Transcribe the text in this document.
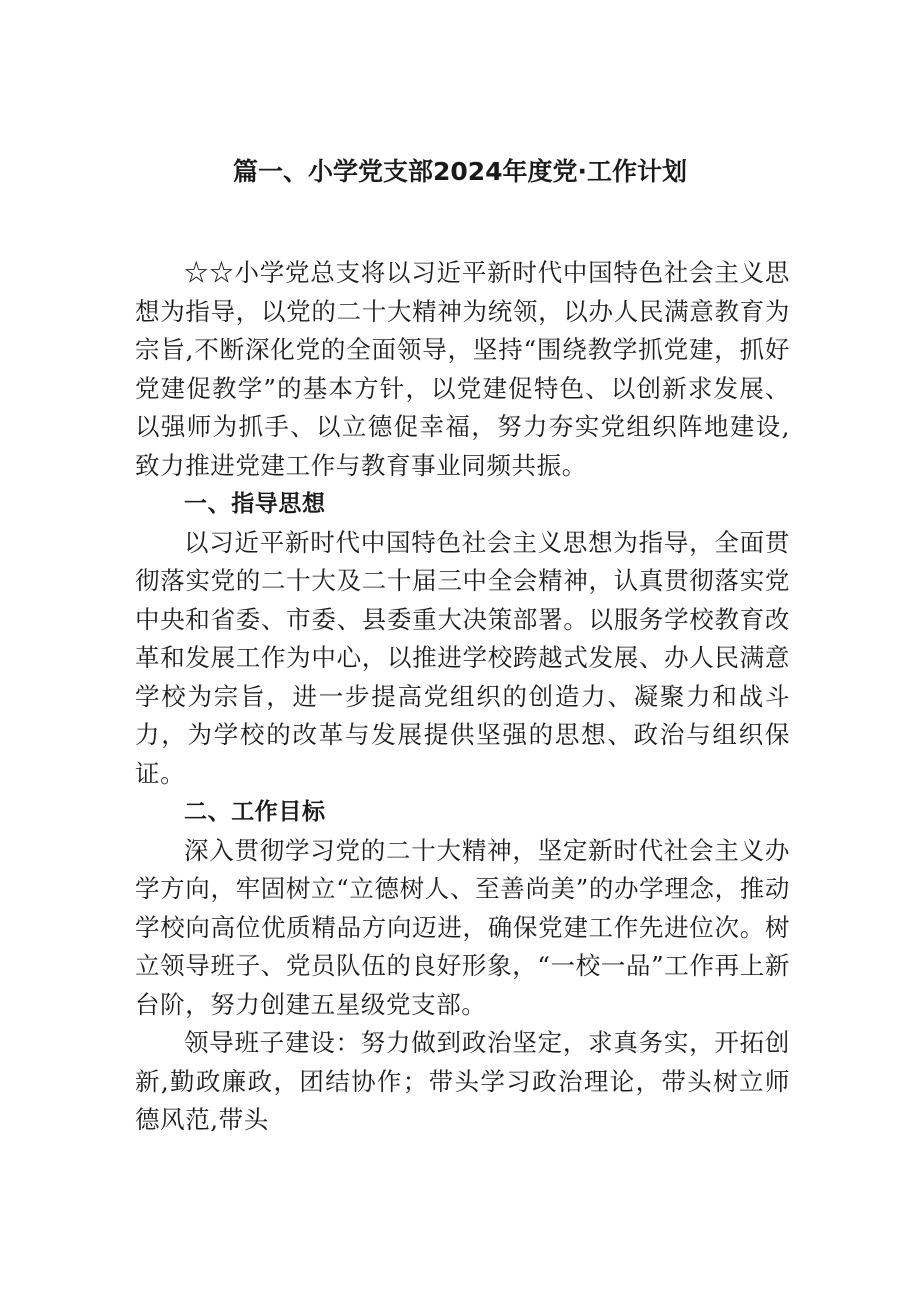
篇一、小学党支部2024年度党·工作计划

☆☆小学党总支将以习近平新时代中国特色社会主义思想为指导，以党的二十大精神为统领，以办人民满意教育为宗旨,不断深化党的全面领导，坚持“围绕教学抓党建，抓好党建促教学”的基本方针，以党建促特色、以创新求发展、以强师为抓手、以立德促幸福，努力夯实党组织阵地建设,致力推进党建工作与教育事业同频共振。

一、指导思想

以习近平新时代中国特色社会主义思想为指导，全面贯彻落实党的二十大及二十届三中全会精神，认真贯彻落实党中央和省委、市委、县委重大决策部署。以服务学校教育改革和发展工作为中心，以推进学校跨越式发展、办人民满意学校为宗旨，进一步提高党组织的创造力、凝聚力和战斗力，为学校的改革与发展提供坚强的思想、政治与组织保证。

二、工作目标

深入贯彻学习党的二十大精神，坚定新时代社会主义办学方向，牢固树立“立德树人、至善尚美”的办学理念，推动学校向高位优质精品方向迈进，确保党建工作先进位次。树立领导班子、党员队伍的良好形象，“一校一品”工作再上新台阶，努力创建五星级党支部。

领导班子建设：努力做到政治坚定，求真务实，开拓创新,勤政廉政，团结协作；带头学习政治理论，带头树立师德风范,带头
